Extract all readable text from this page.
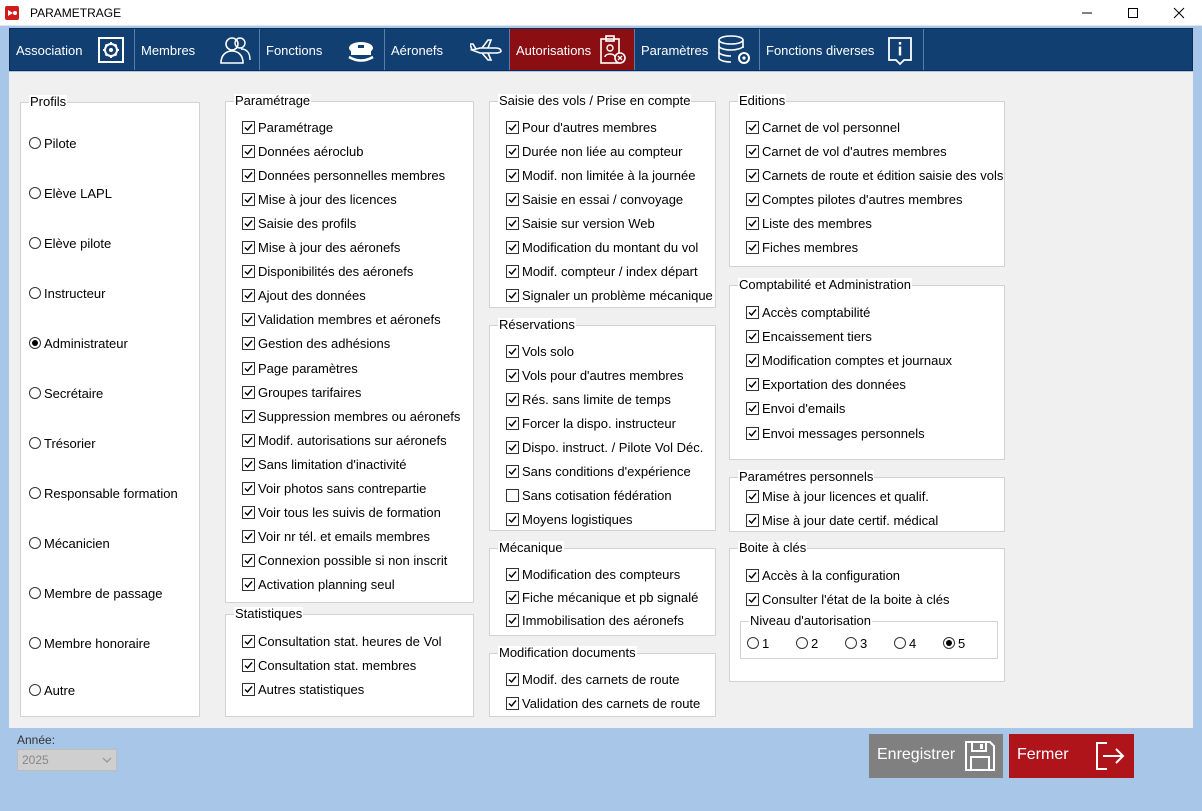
PARAMETRAGE
Association	Membres	Fonctions	Aéronefs	Autorisations	Paramètres	Fonctions diverses
Profils
Pilote
Elève LAPL
Elève pilote
Instructeur
Administrateur
Secrétaire
Trésorier
Responsable formation
Mécanicien
Membre de passage
Membre honoraire
Autre
Paramétrage
Paramétrage
Données aéroclub
Données personnelles membres
Mise à jour des licences
Saisie des profils
Mise à jour des aéronefs
Disponibilités des aéronefs
Ajout des données
Validation membres et aéronefs
Gestion des adhésions
Page paramètres
Groupes tarifaires
Suppression membres ou aéronefs
Modif. autorisations sur aéronefs
Sans limitation d'inactivité
Voir photos sans contrepartie
Voir tous les suivis de formation
Voir nr tél. et emails membres
Connexion possible si non inscrit
Activation planning seul
Statistiques
Consultation stat. heures de Vol
Consultation stat. membres
Autres statistiques
Saisie des vols / Prise en compte
Pour d'autres membres
Durée non liée au compteur
Modif. non limitée à la journée
Saisie en essai / convoyage
Saisie sur version Web
Modification du montant du vol
Modif. compteur / index départ
Signaler un problème mécanique
Réservations
Vols solo
Vols pour d'autres membres
Rés. sans limite de temps
Forcer la dispo. instructeur
Dispo. instruct. / Pilote Vol Déc.
Sans conditions d'expérience
Sans cotisation fédération
Moyens logistiques
Mécanique
Modification des compteurs
Fiche mécanique et pb signalé
Immobilisation des aéronefs
Modification documents
Modif. des carnets de route
Validation des carnets de route
Editions
Carnet de vol personnel
Carnet de vol d'autres membres
Carnets de route et édition saisie des vols
Comptes pilotes d'autres membres
Liste des membres
Fiches membres
Comptabilité et Administration
Accès comptabilité
Encaissement tiers
Modification comptes et journaux
Exportation des données
Envoi d'emails
Envoi messages personnels
Paramétres personnels
Mise à jour licences et qualif.
Mise à jour date certif. médical
Boite à clés
Niveau d'autorisation
1	2	3	4	5
Accès à la configuration
Consulter l'état de la boite à clés
Année:
2025	Enregistrer	Fermer
